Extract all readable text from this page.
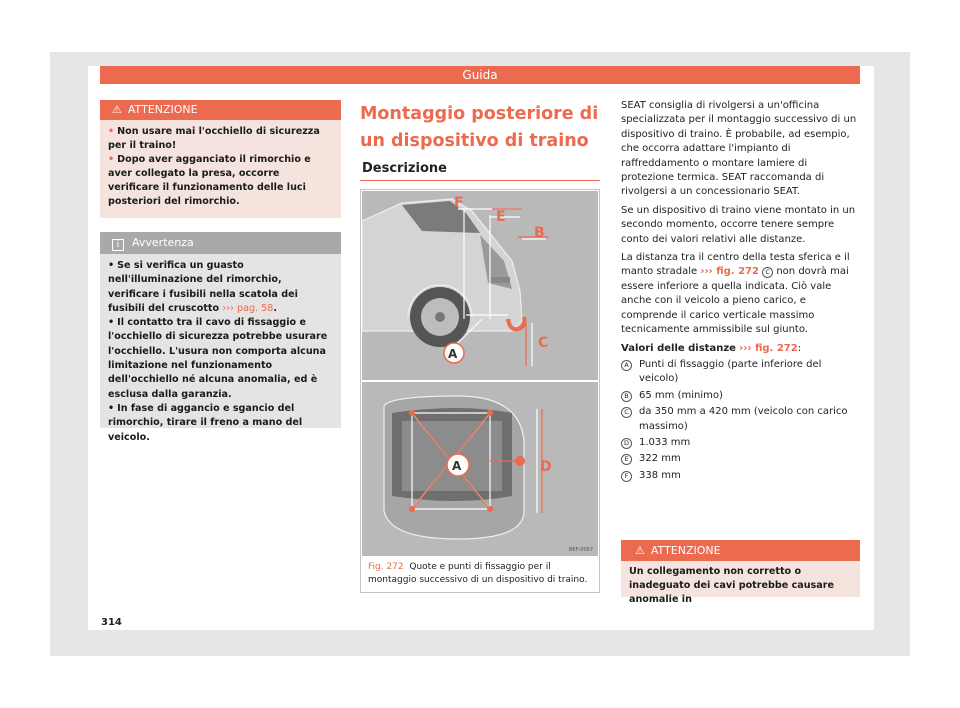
Guida
⚠ ATTENZIONE
• Non usare mai l'occhiello di sicurezza per il traino!
• Dopo aver agganciato il rimorchio e aver collegato la presa, occorre verificare il funzionamento delle luci posteriori del rimorchio.
i Avvertenza
• Se si verifica un guasto nell'illuminazione del rimorchio, verificare i fusibili nella scatola dei fusibili del cruscotto ››› pag. 58.
• Il contatto tra il cavo di fissaggio e l'occhiello di sicurezza potrebbe usurare l'occhiello. L'usura non comporta alcuna limitazione nel funzionamento dell'occhiello né alcuna anomalia, ed è esclusa dalla garanzia.
• In fase di aggancio e sgancio del rimorchio, tirare il freno a mano del veicolo.
Montaggio posteriore di un dispositivo di traino
Descrizione
F
E
B
C
A
A	D
B6F-0067
Fig. 272 Quote e punti di fissaggio per il montaggio successivo di un dispositivo di traino.

SEAT consiglia di rivolgersi a un'officina specializzata per il montaggio successivo di un dispositivo di traino. È probabile, ad esempio, che occorra adattare l'impianto di raffreddamento o montare lamiere di protezione termica. SEAT raccomanda di rivolgersi a un concessionario SEAT.

Se un dispositivo di traino viene montato in un secondo momento, occorre tenere sempre conto dei valori relativi alle distanze.

La distanza tra il centro della testa sferica e il manto stradale ››› fig. 272 C non dovrà mai essere inferiore a quella indicata. Ciò vale anche con il veicolo a pieno carico, e comprende il carico verticale massimo tecnicamente ammissibile sul giunto.

Valori delle distanze ››› fig. 272:
A	Punti di fissaggio (parte inferiore del veicolo)
B	65 mm (minimo)
C	da 350 mm a 420 mm (veicolo con carico massimo)
D	1.033 mm
E	322 mm
F	338 mm
⚠ ATTENZIONE
Un collegamento non corretto o inadeguato dei cavi potrebbe causare anomalie in
314
